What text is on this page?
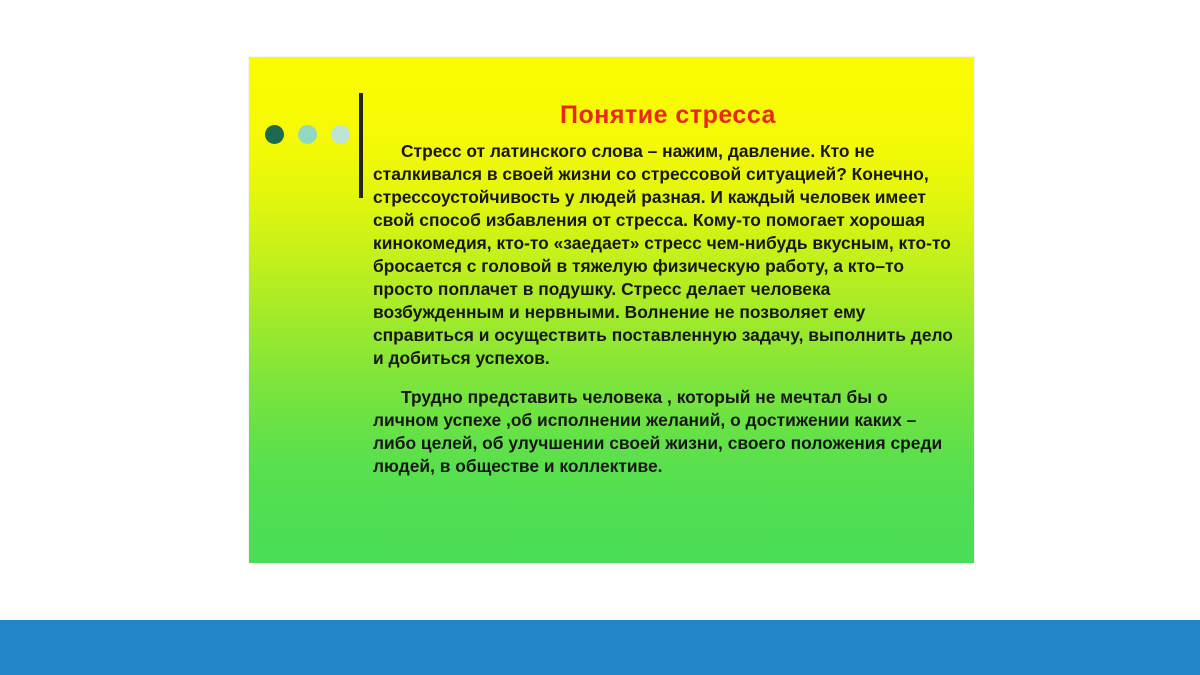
Понятие стресса

Стресс от латинского слова – нажим, давление. Кто не сталкивался в своей жизни со стрессовой ситуацией? Конечно, стрессоустойчивость у людей разная. И каждый человек имеет свой способ избавления от стресса. Кому-то помогает хорошая кинокомедия, кто-то «заедает» стресс чем-нибудь вкусным, кто-то бросается с головой в тяжелую физическую работу, а кто–то просто поплачет в подушку. Стресс делает человека возбужденным и нервными. Волнение не позволяет ему справиться и осуществить поставленную задачу, выполнить дело и добиться успехов.

Трудно представить человека , который не мечтал бы о личном успехе ,об исполнении желаний, о достижении каких –либо целей, об улучшении своей жизни, своего положения среди людей, в обществе и коллективе.
